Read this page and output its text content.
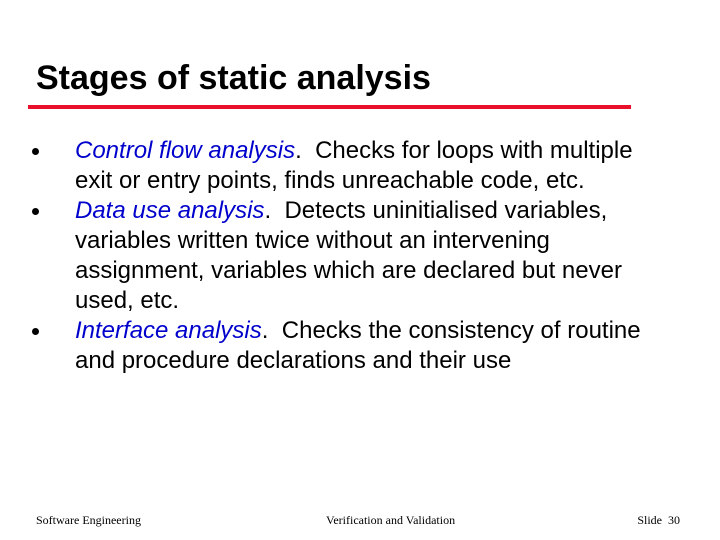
Stages of static analysis
Control flow analysis.  Checks for loops with multiple exit or entry points, finds unreachable code, etc.
Data use analysis.  Detects uninitialised variables, variables written twice without an intervening assignment, variables which are declared but never used, etc.
Interface analysis.  Checks the consistency of routine and procedure declarations and their use
Software Engineering	Verification and Validation	Slide  30
